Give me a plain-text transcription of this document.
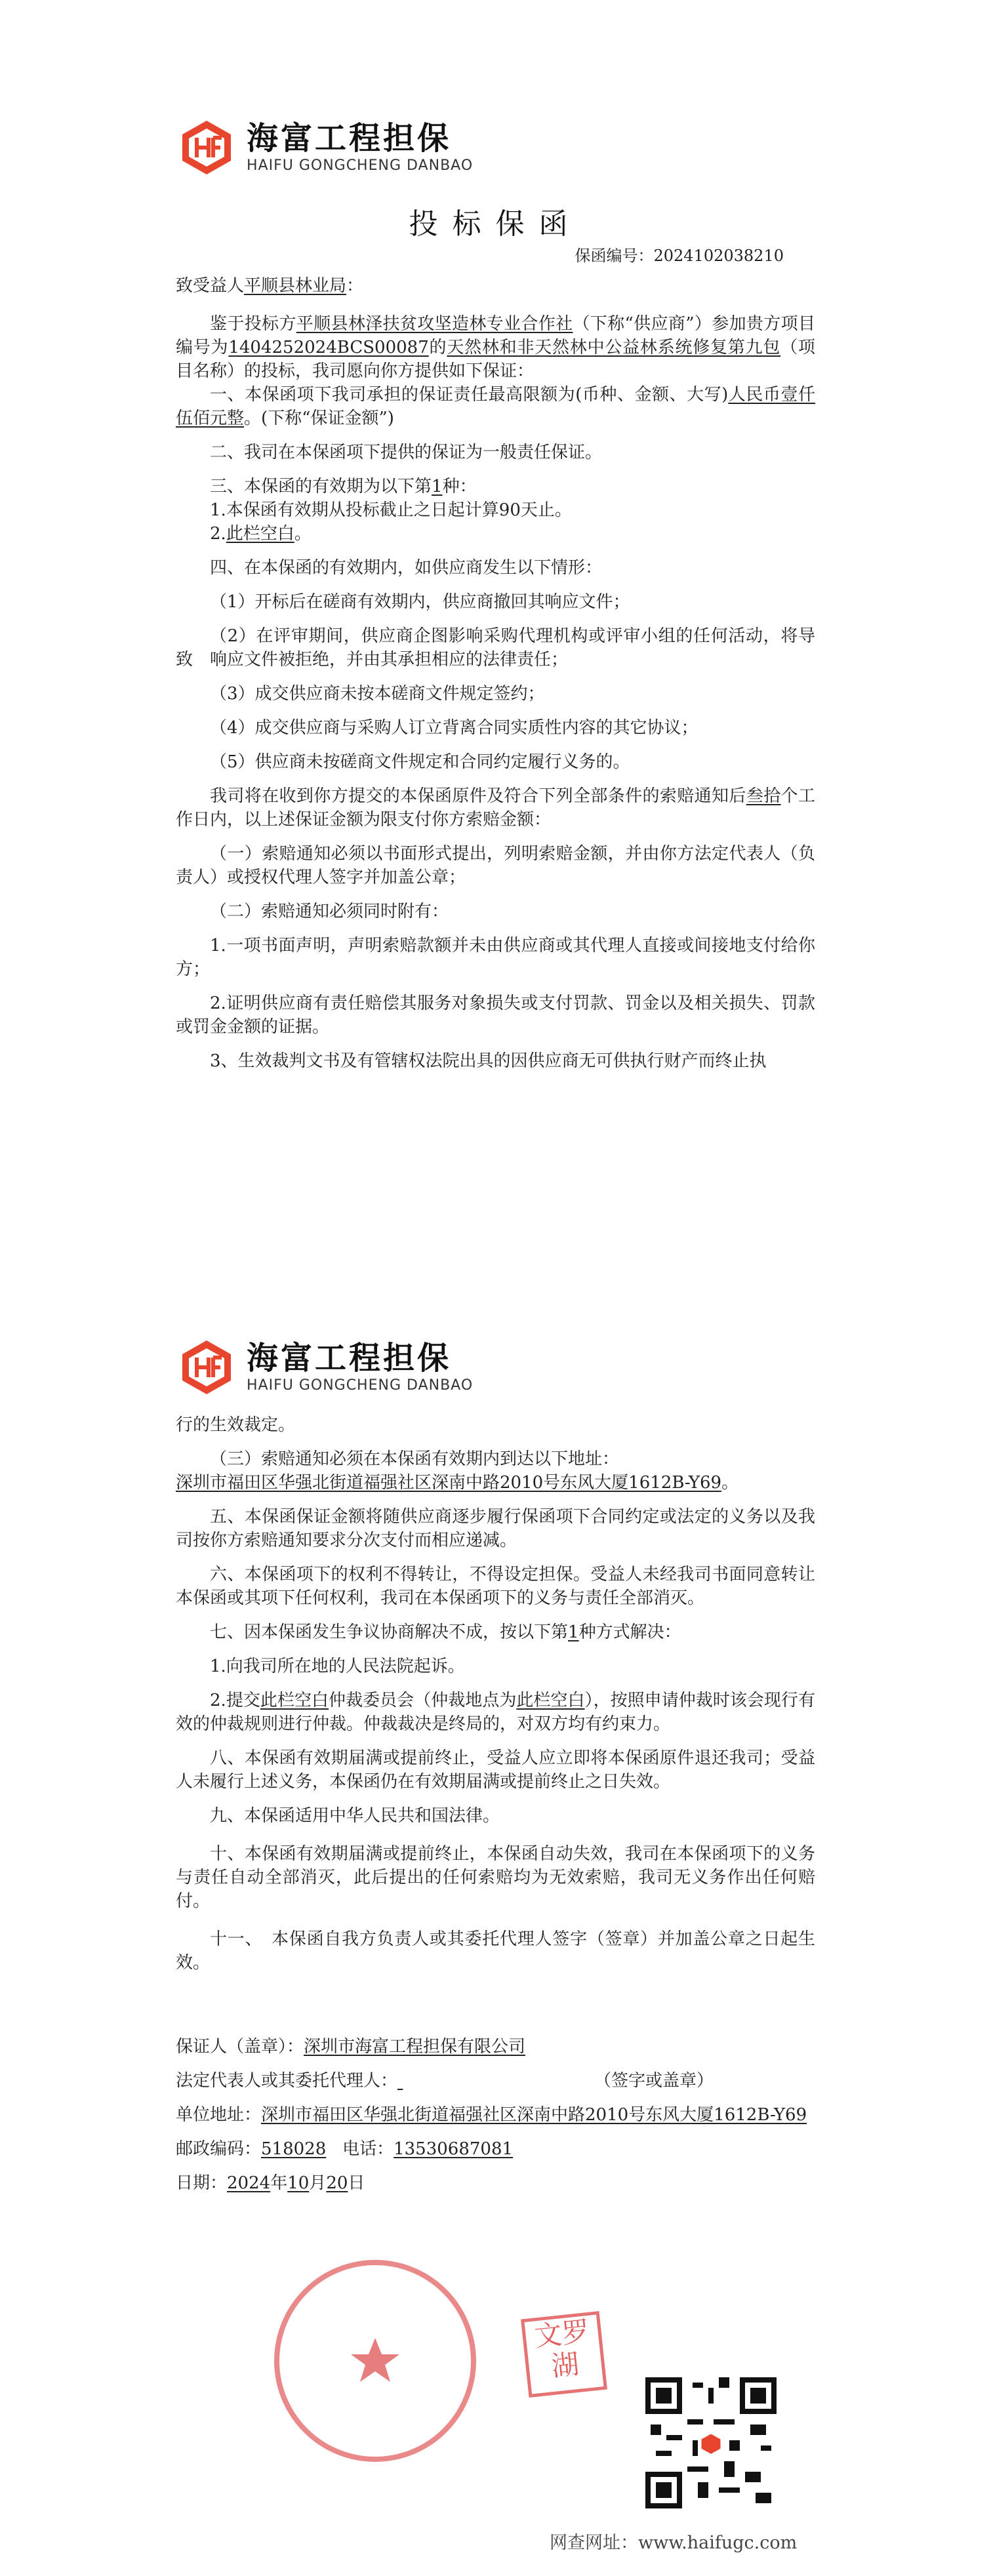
海富工程担保
HAIFU GONGCHENG DANBAO
投标保函
保函编号：2024102038210

致受益人平顺县林业局：

鉴于投标方平顺县林泽扶贫攻坚造林专业合作社（下称“供应商”）参加贵方项目编号为1404252024BCS00087的天然林和非天然林中公益林系统修复第九包（项目名称）的投标，我司愿向你方提供如下保证：

一、本保函项下我司承担的保证责任最高限额为(币种、金额、大写)人民币壹仟伍佰元整。(下称“保证金额”)

二、我司在本保函项下提供的保证为一般责任保证。

三、本保函的有效期为以下第1种：

1.本保函有效期从投标截止之日起计算90天止。

2.此栏空白。

四、在本保函的有效期内，如供应商发生以下情形：

（1）开标后在磋商有效期内，供应商撤回其响应文件；

（2）在评审期间，供应商企图影响采购代理机构或评审小组的任何活动，将导致　响应文件被拒绝，并由其承担相应的法律责任；

（3）成交供应商未按本磋商文件规定签约；

（4）成交供应商与采购人订立背离合同实质性内容的其它协议；

（5）供应商未按磋商文件规定和合同约定履行义务的。

我司将在收到你方提交的本保函原件及符合下列全部条件的索赔通知后叁拾个工作日内，以上述保证金额为限支付你方索赔金额：

（一）索赔通知必须以书面形式提出，列明索赔金额，并由你方法定代表人（负责人）或授权代理人签字并加盖公章；

（二）索赔通知必须同时附有：

1.一项书面声明，声明索赔款额并未由供应商或其代理人直接或间接地支付给你方；

2.证明供应商有责任赔偿其服务对象损失或支付罚款、罚金以及相关损失、罚款或罚金金额的证据。

3、生效裁判文书及有管辖权法院出具的因供应商无可供执行财产而终止执

海富工程担保
HAIFU GONGCHENG DANBAO

行的生效裁定。

（三）索赔通知必须在本保函有效期内到达以下地址：

深圳市福田区华强北街道福强社区深南中路2010号东风大厦1612B-Y69。

五、本保函保证金额将随供应商逐步履行保函项下合同约定或法定的义务以及我司按你方索赔通知要求分次支付而相应递减。

六、本保函项下的权利不得转让，不得设定担保。受益人未经我司书面同意转让本保函或其项下任何权利，我司在本保函项下的义务与责任全部消灭。

七、因本保函发生争议协商解决不成，按以下第1种方式解决：

1.向我司所在地的人民法院起诉。

2.提交此栏空白仲裁委员会（仲裁地点为此栏空白），按照申请仲裁时该会现行有效的仲裁规则进行仲裁。仲裁裁决是终局的，对双方均有约束力。

八、本保函有效期届满或提前终止，受益人应立即将本保函原件退还我司；受益人未履行上述义务，本保函仍在有效期届满或提前终止之日失效。

九、本保函适用中华人民共和国法律。

十、本保函有效期届满或提前终止，本保函自动失效，我司在本保函项下的义务与责任自动全部消灭，此后提出的任何索赔均为无效索赔，我司无义务作出任何赔付。

十一、　本保函自我方负责人或其委托代理人签字（签章）并加盖公章之日起生效。

保证人（盖章）：深圳市海富工程担保有限公司

法定代表人或其委托代理人：	（签字或盖章）

单位地址：深圳市福田区华强北街道福强社区深南中路2010号东风大厦1612B-Y69

邮政编码：518028 电话：13530687081

日期：2024年10月20日

文罗湖
网查网址：www.haifugc.com
